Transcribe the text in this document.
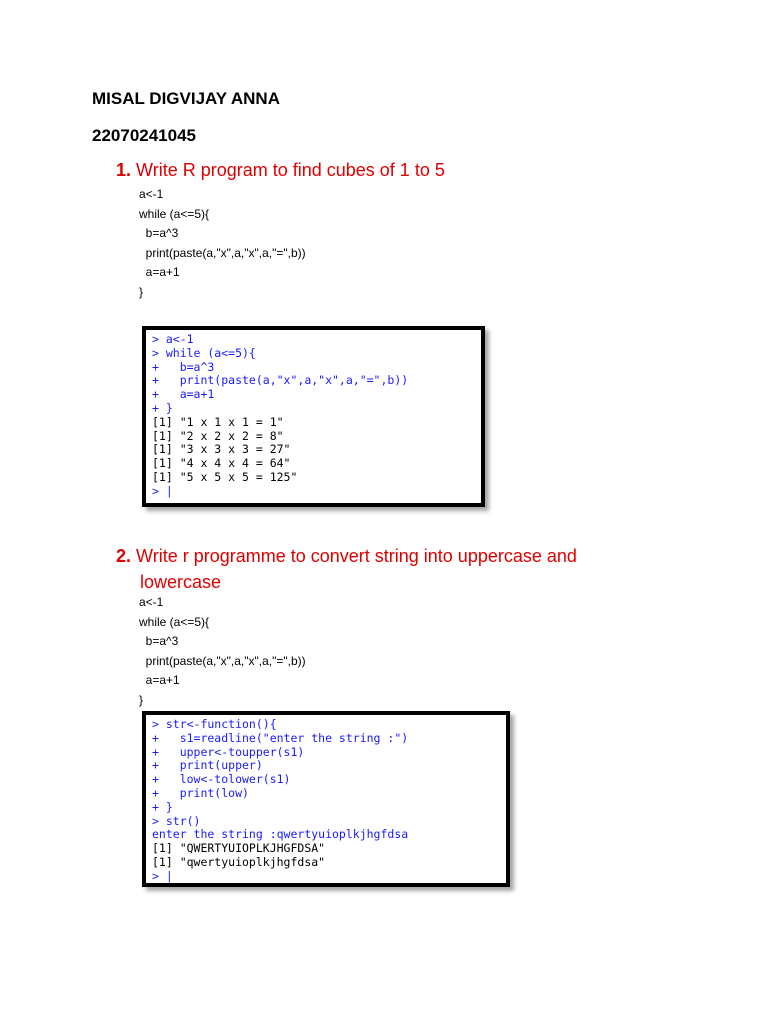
MISAL DIGVIJAY ANNA
22070241045
1. Write R program to find cubes of 1 to 5
a<-1
while (a<=5){
b=a^3
print(paste(a,"x",a,"x",a,"=",b))
a=a+1
}
> a<-1
> while (a<=5){
+   b=a^3
+   print(paste(a,"x",a,"x",a,"=",b))
+   a=a+1
+ }
[1] "1 x 1 x 1 = 1"
[1] "2 x 2 x 2 = 8"
[1] "3 x 3 x 3 = 27"
[1] "4 x 4 x 4 = 64"
[1] "5 x 5 x 5 = 125"
> |
2. Write r programme to convert string into uppercase and
lowercase
a<-1
while (a<=5){
b=a^3
print(paste(a,"x",a,"x",a,"=",b))
a=a+1
}
> str<-function(){
+   s1=readline("enter the string :")
+   upper<-toupper(s1)
+   print(upper)
+   low<-tolower(s1)
+   print(low)
+ }
> str()
enter the string :qwertyuioplkjhgfdsa
[1] "QWERTYUIOPLKJHGFDSA"
[1] "qwertyuioplkjhgfdsa"
> |
